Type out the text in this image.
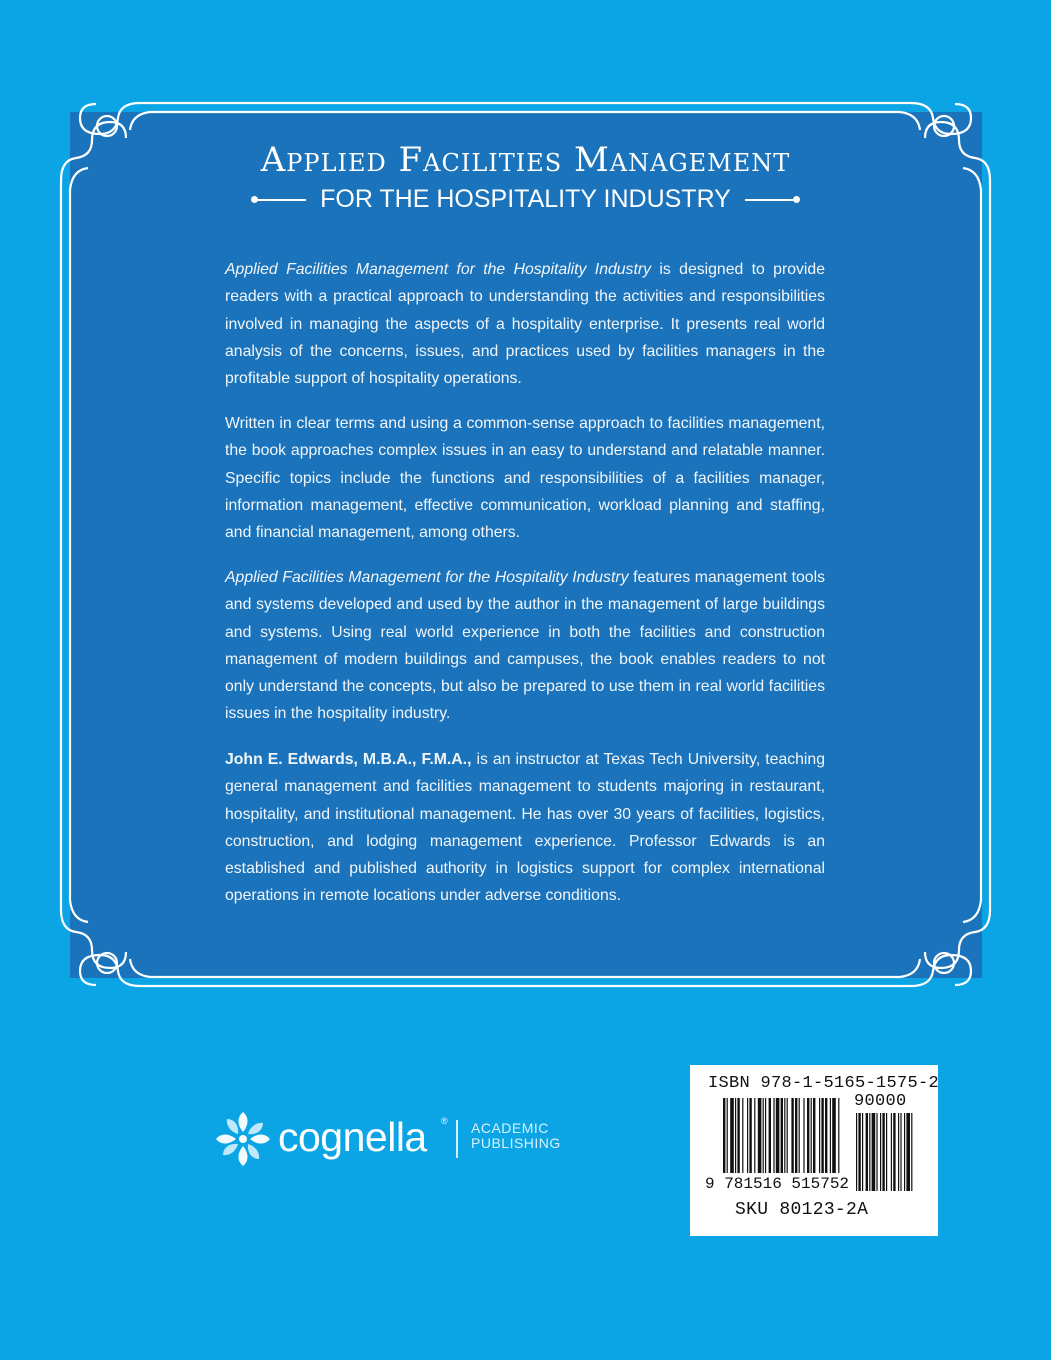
Applied Facilities Management
FOR THE HOSPITALITY INDUSTRY

Applied Facilities Management for the Hospitality Industry is designed to provide readers with a practical approach to understanding the activities and responsibilities involved in managing the aspects of a hospitality enterprise. It presents real world analysis of the concerns, issues, and practices used by facilities managers in the profitable support of hospitality operations.

Written in clear terms and using a common-sense approach to facilities management, the book approaches complex issues in an easy to understand and relatable manner. Specific topics include the functions and responsibilities of a facilities manager, information management, effective communication, workload planning and staffing, and financial management, among others.

Applied Facilities Management for the Hospitality Industry features management tools and systems developed and used by the author in the management of large buildings and systems. Using real world experience in both the facilities and construction management of modern buildings and campuses, the book enables readers to not only understand the concepts, but also be prepared to use them in real world facilities issues in the hospitality industry.

John E. Edwards, M.B.A., F.M.A., is an instructor at Texas Tech University, teaching general management and facilities management to students majoring in restaurant, hospitality, and institutional management. He has over 30 years of facilities, logistics, construction, and lodging management experience. Professor Edwards is an established and published authority in logistics support for complex international operations in remote locations under adverse conditions.

cognella ® ACADEMIC
PUBLISHING
ISBN 978-1-5165-1575-2
90000
9 781516 515752
SKU 80123-2A
